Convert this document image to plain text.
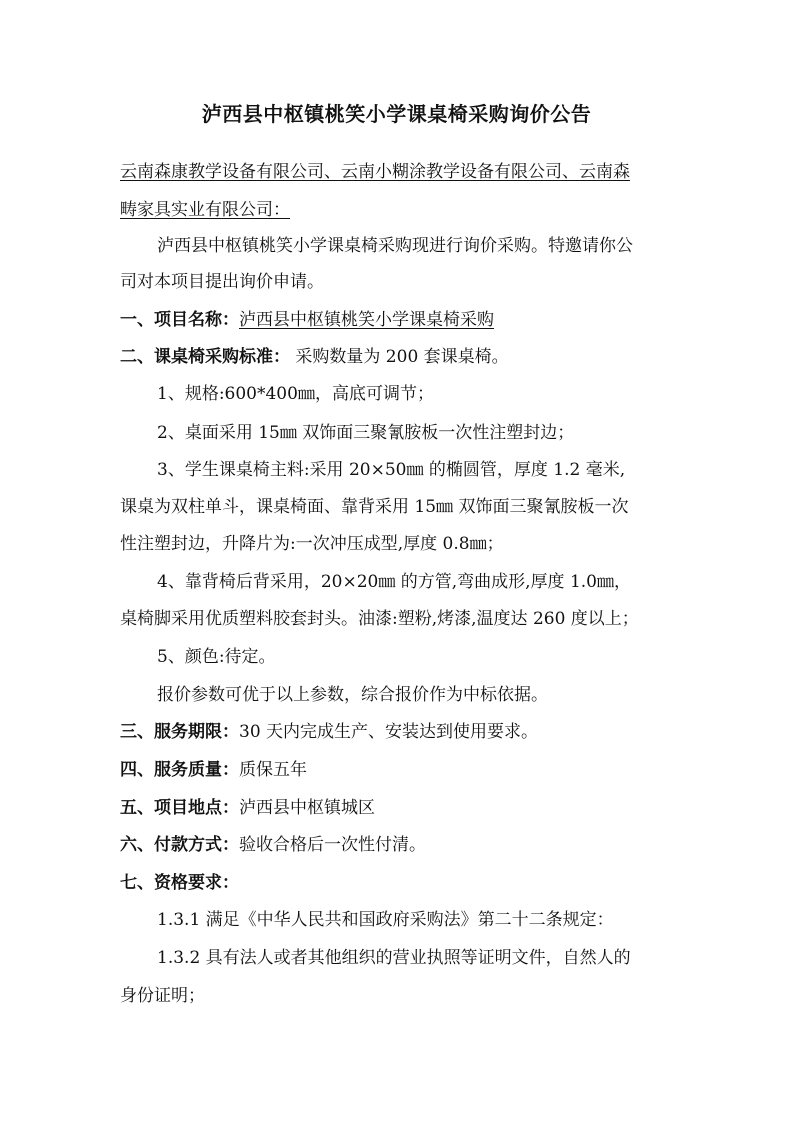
泸西县中枢镇桃笑小学课桌椅采购询价公告
云南森康教学设备有限公司、云南小糊涂教学设备有限公司、云南森
畴家具实业有限公司：
泸西县中枢镇桃笑小学课桌椅采购现进行询价采购。特邀请你公
司对本项目提出询价申请。
一、项目名称：泸西县中枢镇桃笑小学课桌椅采购
二、课桌椅采购标准： 采购数量为 200 套课桌椅。
1、规格:600*400㎜，高底可调节；
2、桌面采用 15㎜ 双饰面三聚氰胺板一次性注塑封边；
3、学生课桌椅主料:采用 20×50㎜ 的椭圆管，厚度 1.2 毫米,
课桌为双柱单斗，课桌椅面、靠背采用 15㎜ 双饰面三聚氰胺板一次
性注塑封边，升降片为:一次冲压成型,厚度 0.8㎜；
4、靠背椅后背采用，20×20㎜ 的方管,弯曲成形,厚度 1.0㎜，
桌椅脚采用优质塑料胶套封头。油漆:塑粉,烤漆,温度达 260 度以上；
5、颜色:待定。
报价参数可优于以上参数，综合报价作为中标依据。
三、服务期限：30 天内完成生产、安装达到使用要求。
四、服务质量：质保五年
五、项目地点：泸西县中枢镇城区
六、付款方式：验收合格后一次性付清。
七、资格要求：
1.3.1 满足《中华人民共和国政府采购法》第二十二条规定：
1.3.2 具有法人或者其他组织的营业执照等证明文件，自然人的
身份证明；
